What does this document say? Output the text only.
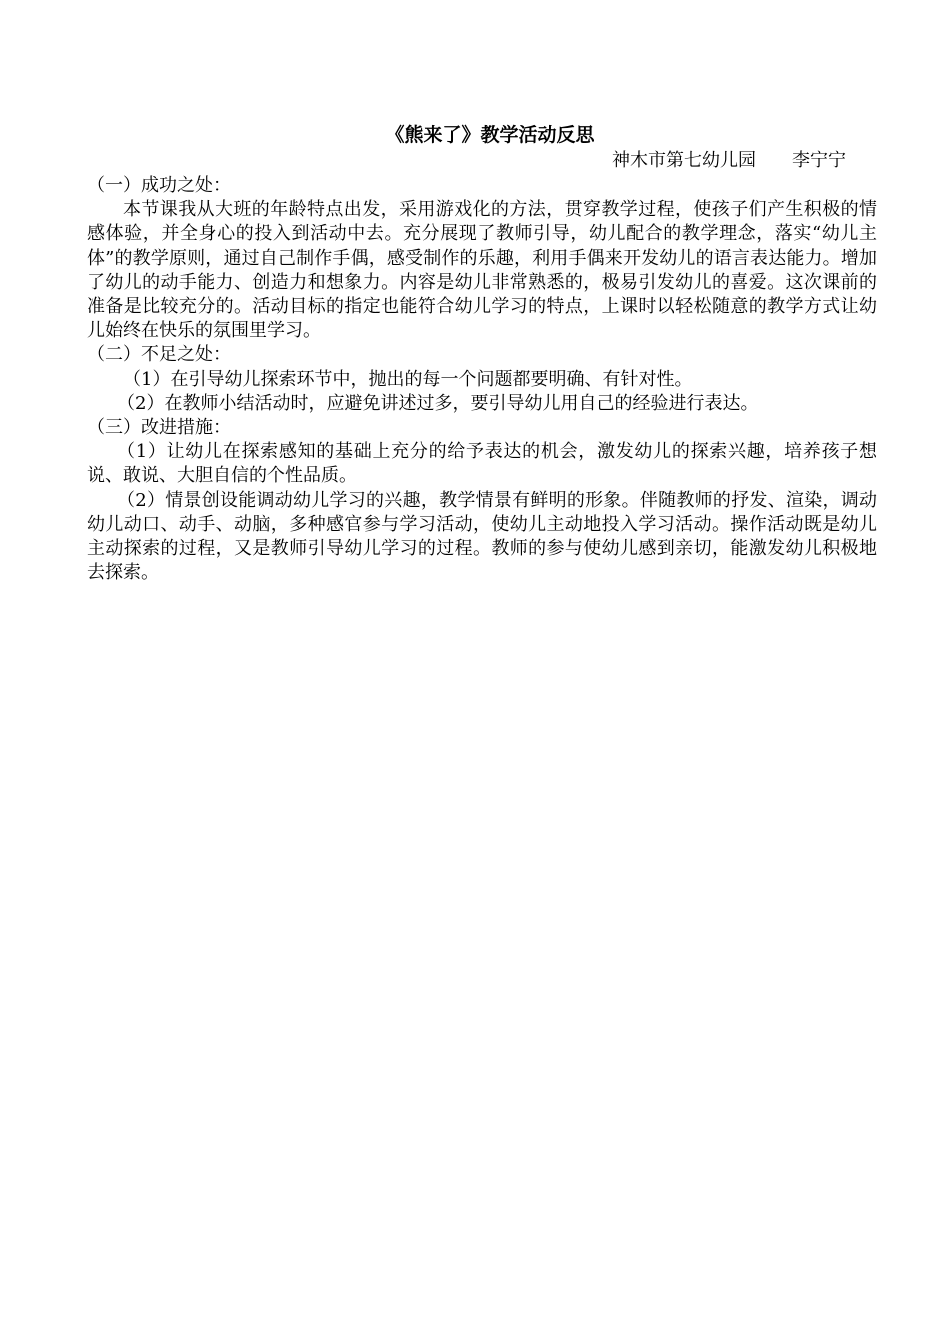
《熊来了》教学活动反思
神木市第七幼儿园　　李宁宁

（一）成功之处：

本节课我从大班的年龄特点出发，采用游戏化的方法，贯穿教学过程，使孩子们产生积极的情感体验，并全身心的投入到活动中去。充分展现了教师引导，幼儿配合的教学理念，落实“幼儿主体”的教学原则，通过自己制作手偶，感受制作的乐趣，利用手偶来开发幼儿的语言表达能力。增加了幼儿的动手能力、创造力和想象力。内容是幼儿非常熟悉的，极易引发幼儿的喜爱。这次课前的准备是比较充分的。活动目标的指定也能符合幼儿学习的特点，上课时以轻松随意的教学方式让幼儿始终在快乐的氛围里学习。

（二）不足之处：

（1）在引导幼儿探索环节中，抛出的每一个问题都要明确、有针对性。

（2）在教师小结活动时，应避免讲述过多，要引导幼儿用自己的经验进行表达。

（三）改进措施：

（1）让幼儿在探索感知的基础上充分的给予表达的机会，激发幼儿的探索兴趣，培养孩子想说、敢说、大胆自信的个性品质。

（2）情景创设能调动幼儿学习的兴趣，教学情景有鲜明的形象。伴随教师的抒发、渲染，调动幼儿动口、动手、动脑，多种感官参与学习活动，使幼儿主动地投入学习活动。操作活动既是幼儿主动探索的过程，又是教师引导幼儿学习的过程。教师的参与使幼儿感到亲切，能激发幼儿积极地去探索。
